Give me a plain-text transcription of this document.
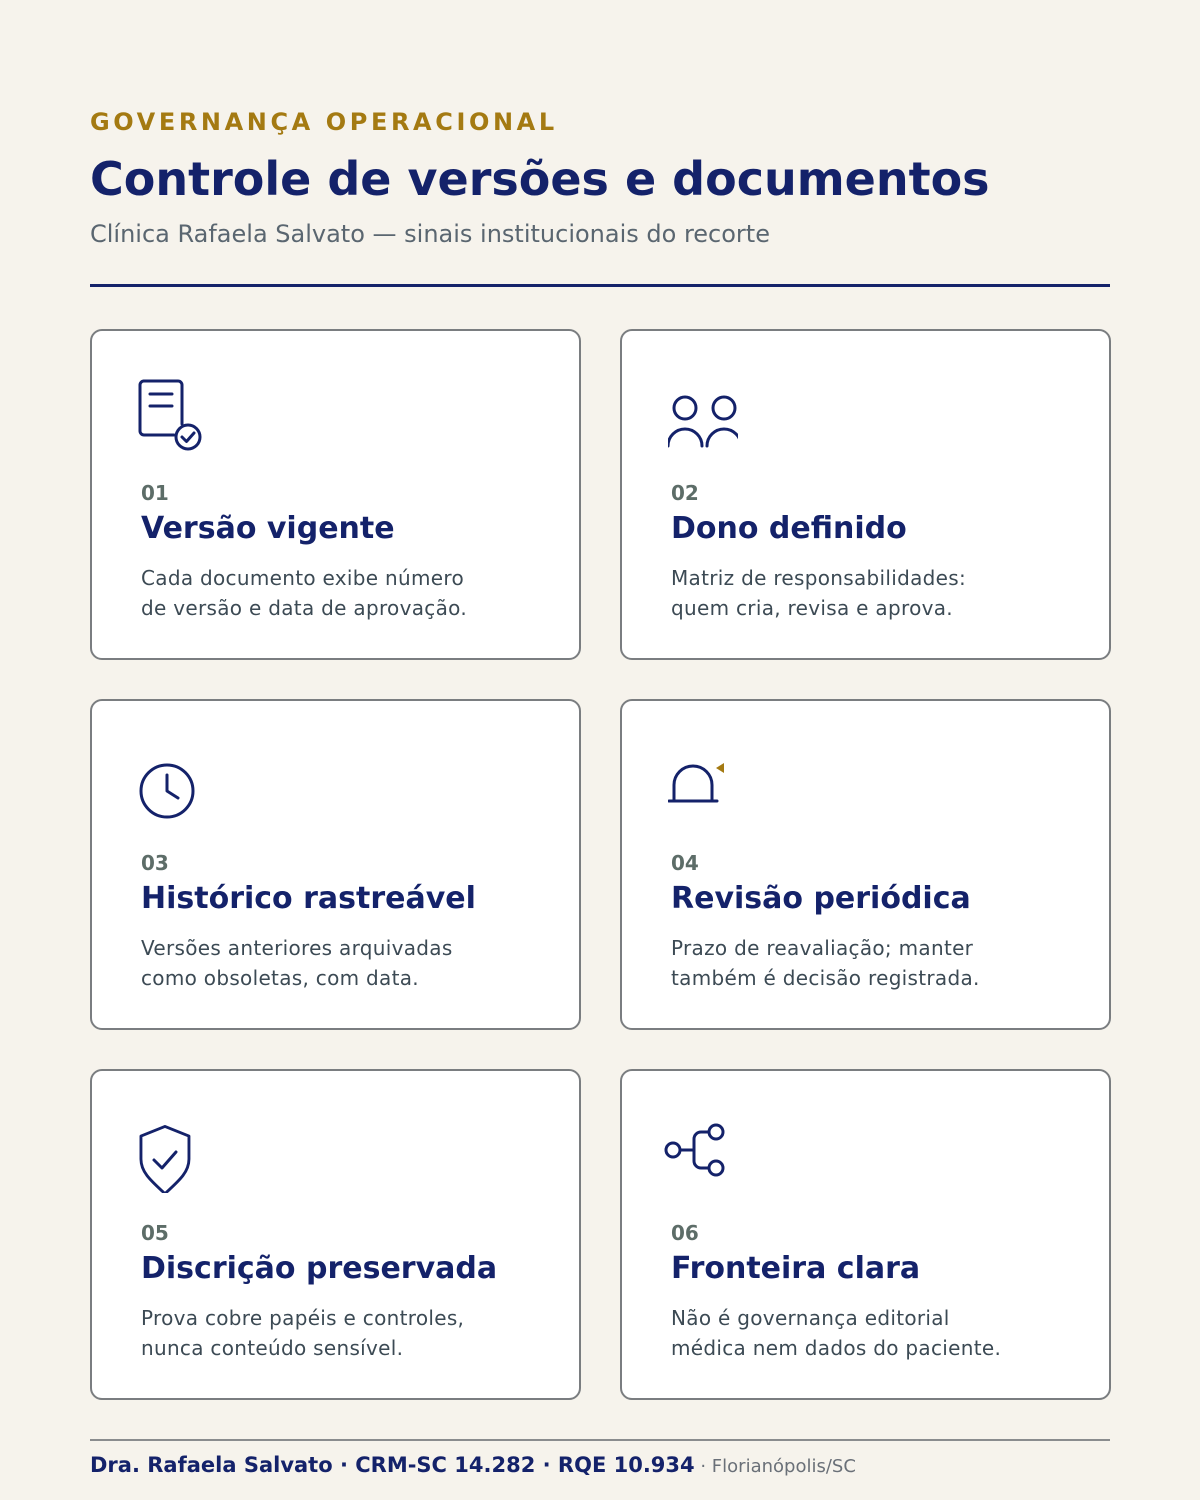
GOVERNANÇA OPERACIONAL
Controle de versões e documentos
Clínica Rafaela Salvato — sinais institucionais do recorte
01
Versão vigente
Cada documento exibe número
de versão e data de aprovação.
02
Dono definido
Matriz de responsabilidades:
quem cria, revisa e aprova.
03
Histórico rastreável
Versões anteriores arquivadas
como obsoletas, com data.
04
Revisão periódica
Prazo de reavaliação; manter
também é decisão registrada.
05
Discrição preservada
Prova cobre papéis e controles,
nunca conteúdo sensível.
06
Fronteira clara
Não é governança editorial
médica nem dados do paciente.
Dra. Rafaela Salvato · CRM-SC 14.282 · RQE 10.934 · Florianópolis/SC
